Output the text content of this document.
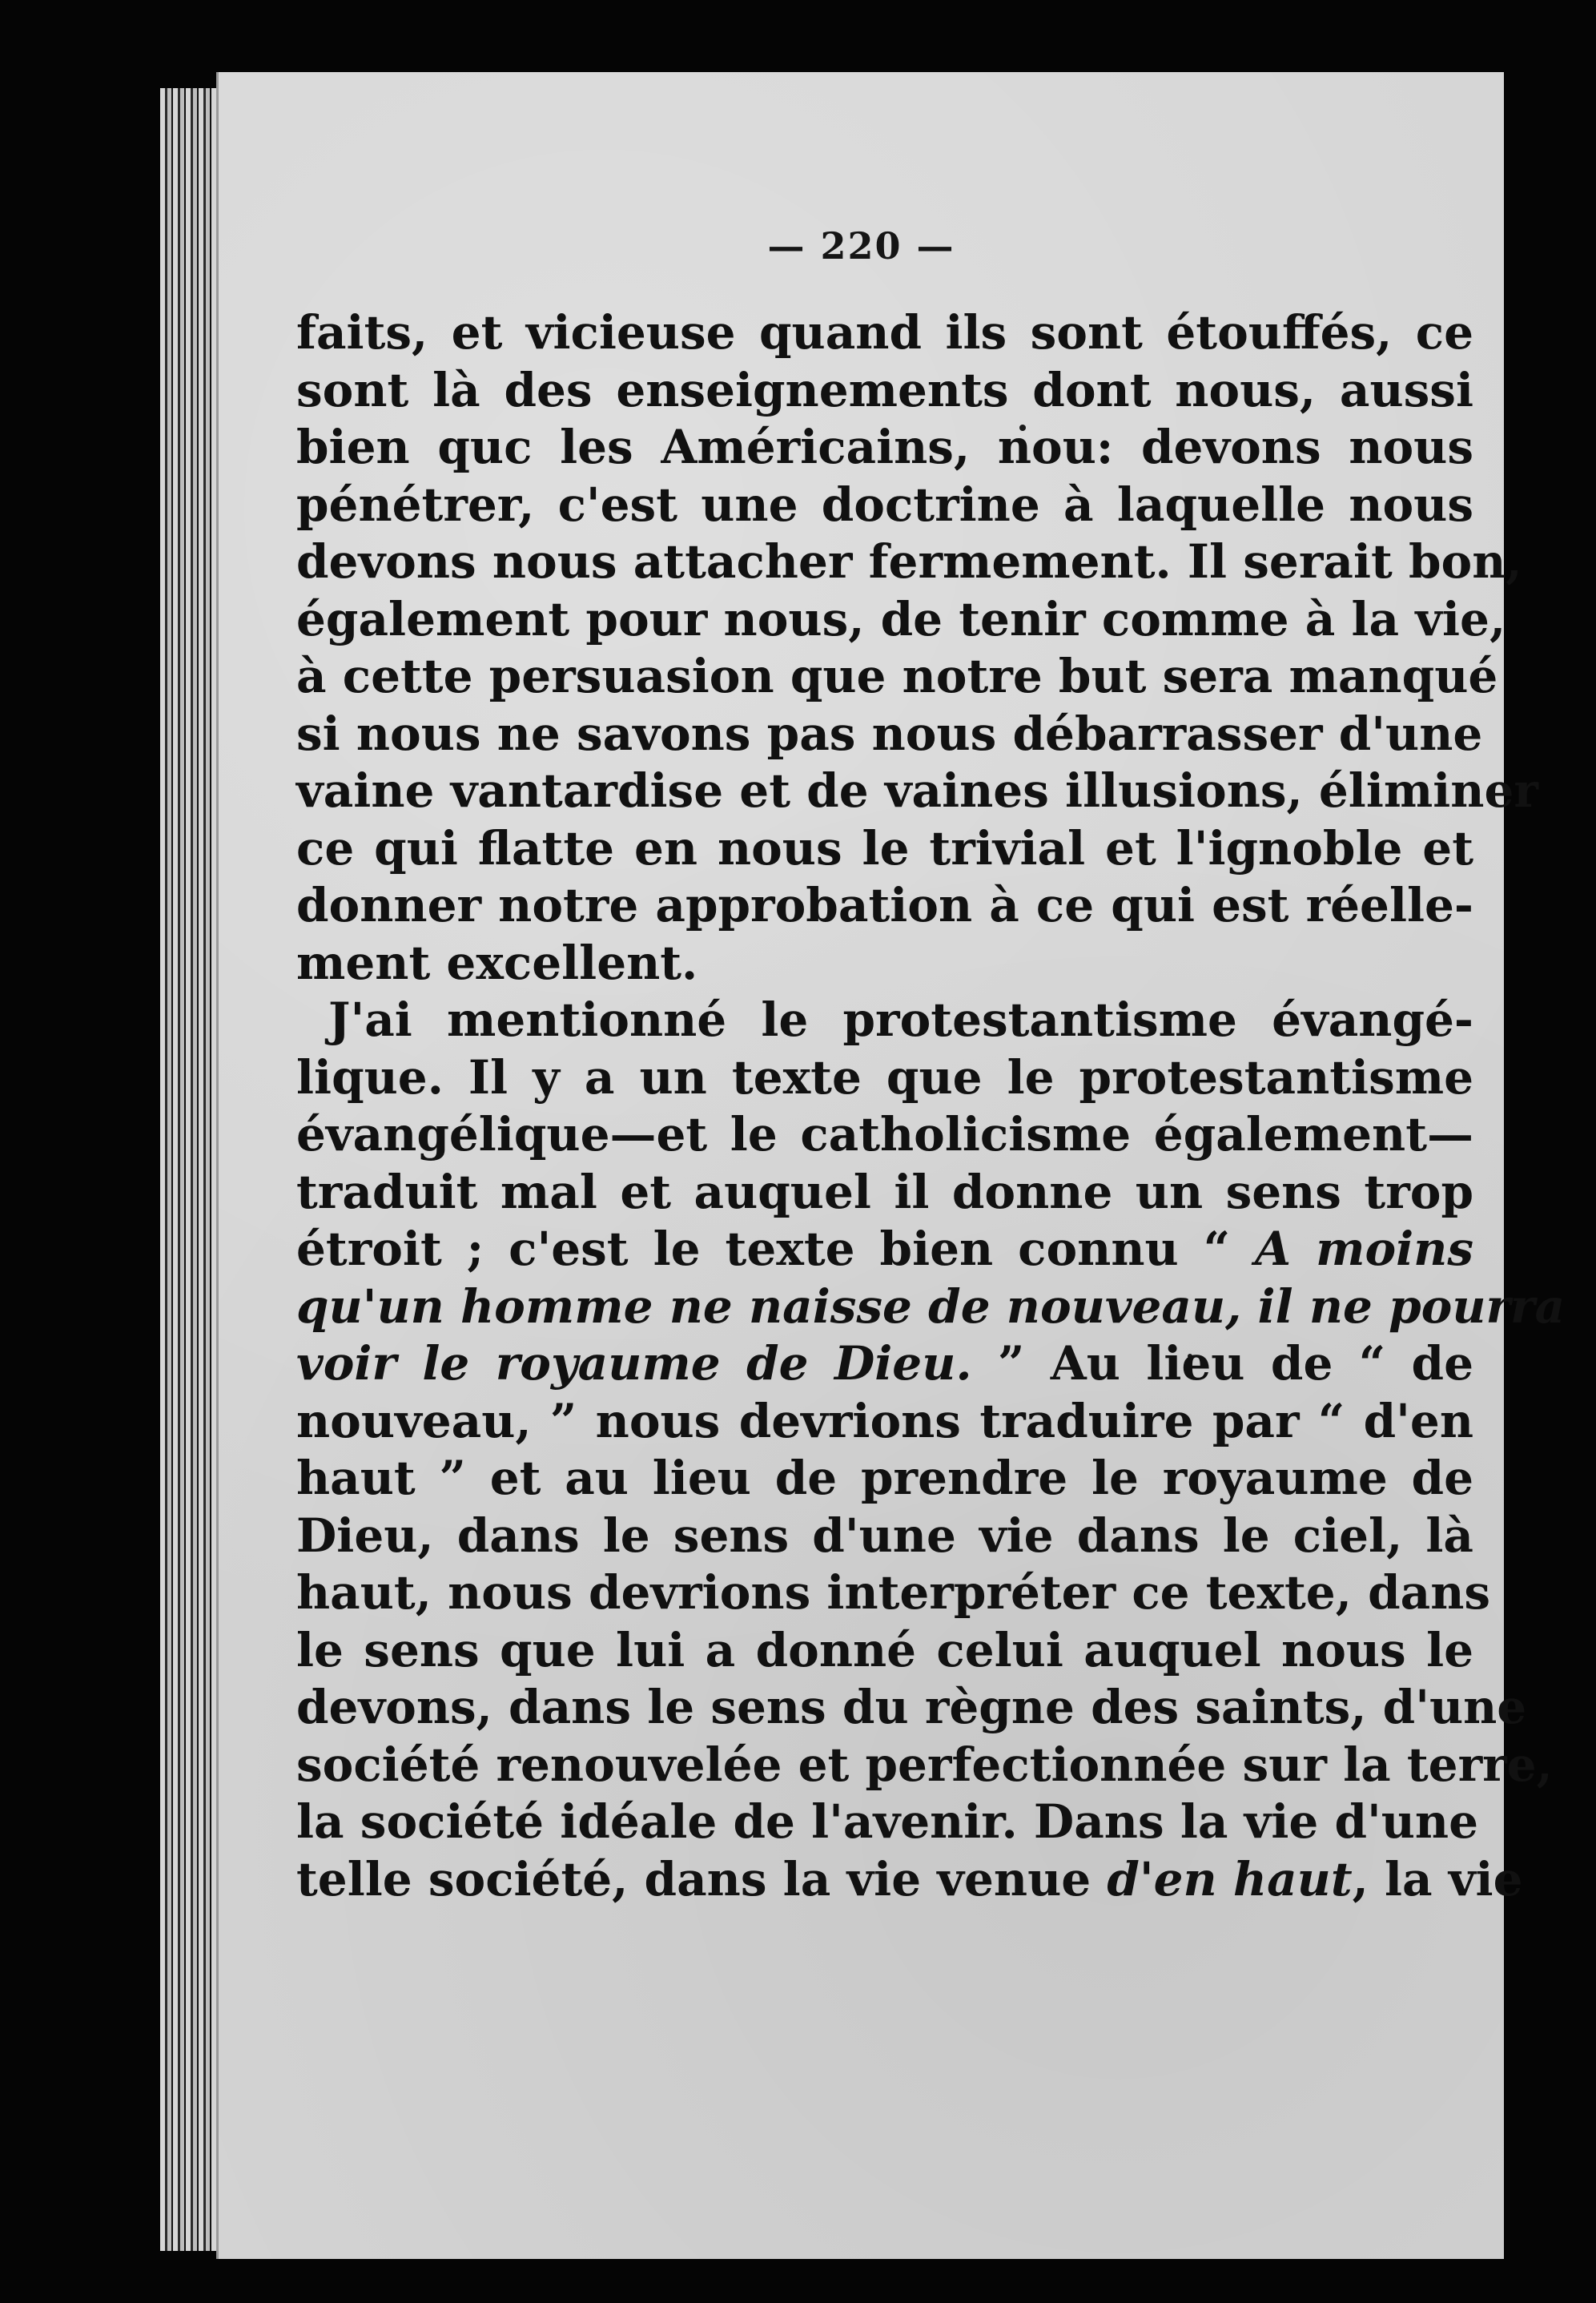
— 220 —
faits, et vicieuse quand ils sont étouffés, ce
sont là des enseignements dont nous, aussi
bien quc les Américains, nou: devons nous
pénétrer, c'est une doctrine à laquelle nous
devons nous attacher fermement. Il serait bon,
également pour nous, de tenir comme à la vie,
à cette persuasion que notre but sera manqué
si nous ne savons pas nous débarrasser d'une
vaine vantardise et de vaines illusions, éliminer
ce qui flatte en nous le trivial et l'ignoble et
donner notre approbation à ce qui est réelle-
ment excellent.
J'ai mentionné le protestantisme évangé-
lique. Il y a un texte que le protestantisme
évangélique—et le catholicisme également—
traduit mal et auquel il donne un sens trop
étroit ; c'est le texte bien connu “ A moins
qu'un homme ne naisse de nouveau, il ne pourra
voir le royaume de Dieu. ” Au lieu de “ de
nouveau, ” nous devrions traduire par “ d'en
haut ” et au lieu de prendre le royaume de
Dieu, dans le sens d'une vie dans le ciel, là
haut, nous devrions interpréter ce texte, dans
le sens que lui a donné celui auquel nous le
devons, dans le sens du règne des saints, d'une
société renouvelée et perfectionnée sur la terre,
la société idéale de l'avenir. Dans la vie d'une
telle société, dans la vie venue d'en haut, la vie
